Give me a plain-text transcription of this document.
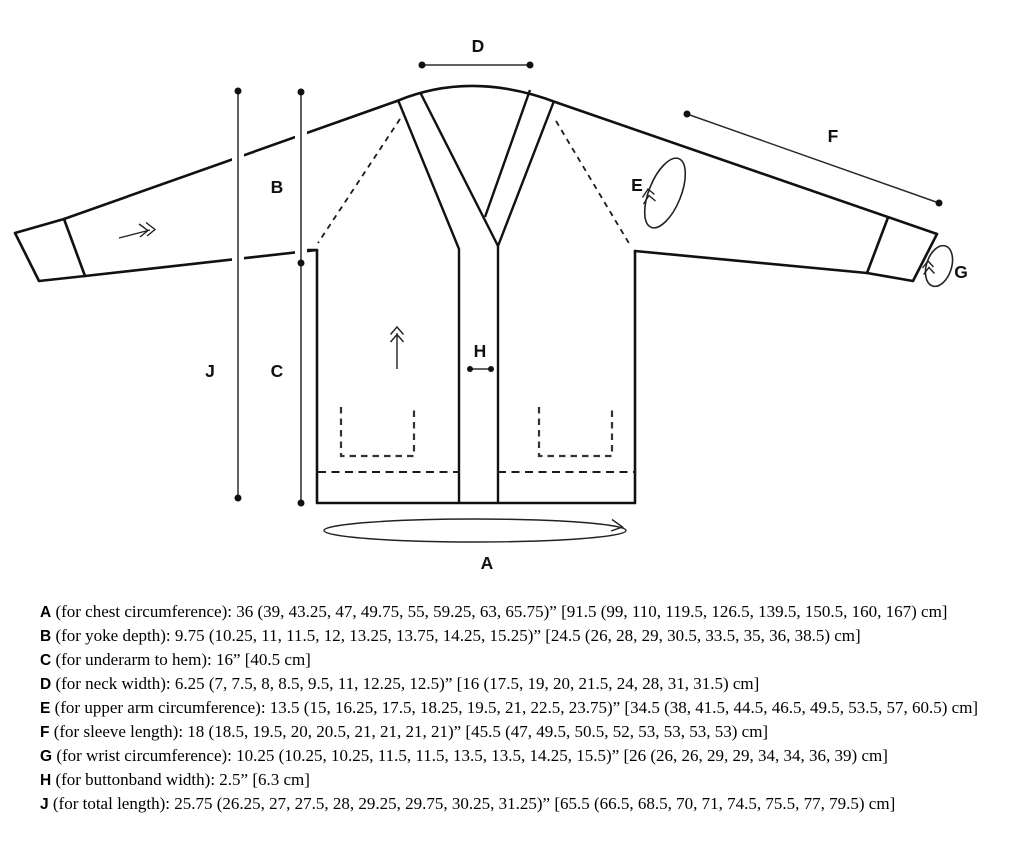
D
B
J	C
H
E
F
G
A

A (for chest circumference): 36 (39, 43.25, 47, 49.75, 55, 59.25, 63, 65.75)” [91.5 (99, 110, 119.5, 126.5, 139.5, 150.5, 160, 167) cm]

B (for yoke depth): 9.75 (10.25, 11, 11.5, 12, 13.25, 13.75, 14.25, 15.25)” [24.5 (26, 28, 29, 30.5, 33.5, 35, 36, 38.5) cm]

C (for underarm to hem): 16” [40.5 cm]

D (for neck width): 6.25 (7, 7.5, 8, 8.5, 9.5, 11, 12.25, 12.5)” [16 (17.5, 19, 20, 21.5, 24, 28, 31, 31.5) cm]

E (for upper arm circumference): 13.5 (15, 16.25, 17.5, 18.25, 19.5, 21, 22.5, 23.75)” [34.5 (38, 41.5, 44.5, 46.5, 49.5, 53.5, 57, 60.5) cm]

F (for sleeve length): 18 (18.5, 19.5, 20, 20.5, 21, 21, 21, 21)” [45.5 (47, 49.5, 50.5, 52, 53, 53, 53, 53) cm]

G (for wrist circumference): 10.25 (10.25, 10.25, 11.5, 11.5, 13.5, 13.5, 14.25, 15.5)” [26 (26, 26, 29, 29, 34, 34, 36, 39) cm]

H (for buttonband width): 2.5” [6.3 cm]

J (for total length): 25.75 (26.25, 27, 27.5, 28, 29.25, 29.75, 30.25, 31.25)” [65.5 (66.5, 68.5, 70, 71, 74.5, 75.5, 77, 79.5) cm]
